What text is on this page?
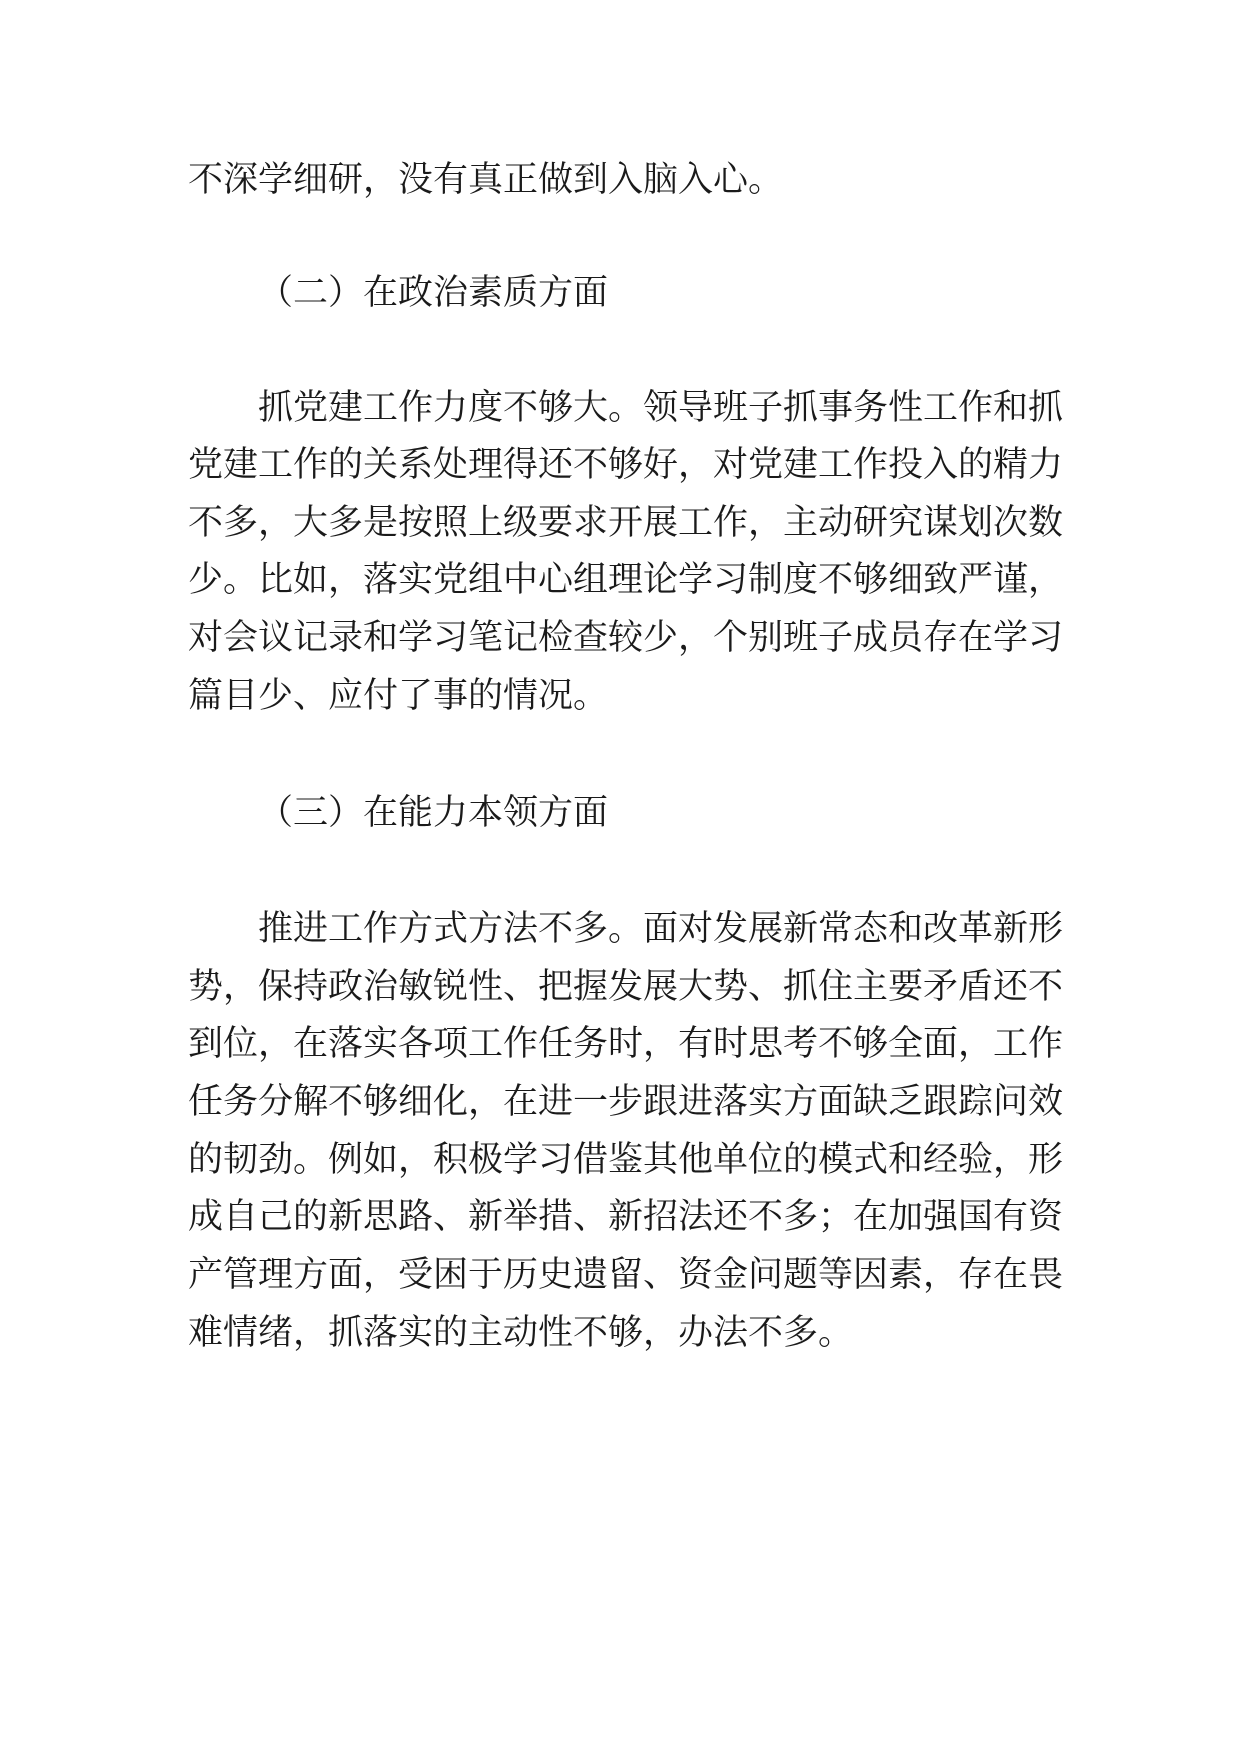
不深学细研，没有真正做到入脑入心。
（二）在政治素质方面
抓党建工作力度不够大。领导班子抓事务性工作和抓
党建工作的关系处理得还不够好，对党建工作投入的精力
不多，大多是按照上级要求开展工作，主动研究谋划次数
少。比如，落实党组中心组理论学习制度不够细致严谨，
对会议记录和学习笔记检查较少，个别班子成员存在学习
篇目少、应付了事的情况。
（三）在能力本领方面
推进工作方式方法不多。面对发展新常态和改革新形
势，保持政治敏锐性、把握发展大势、抓住主要矛盾还不
到位，在落实各项工作任务时，有时思考不够全面，工作
任务分解不够细化，在进一步跟进落实方面缺乏跟踪问效
的韧劲。例如，积极学习借鉴其他单位的模式和经验，形
成自己的新思路、新举措、新招法还不多；在加强国有资
产管理方面，受困于历史遗留、资金问题等因素，存在畏
难情绪，抓落实的主动性不够，办法不多。
